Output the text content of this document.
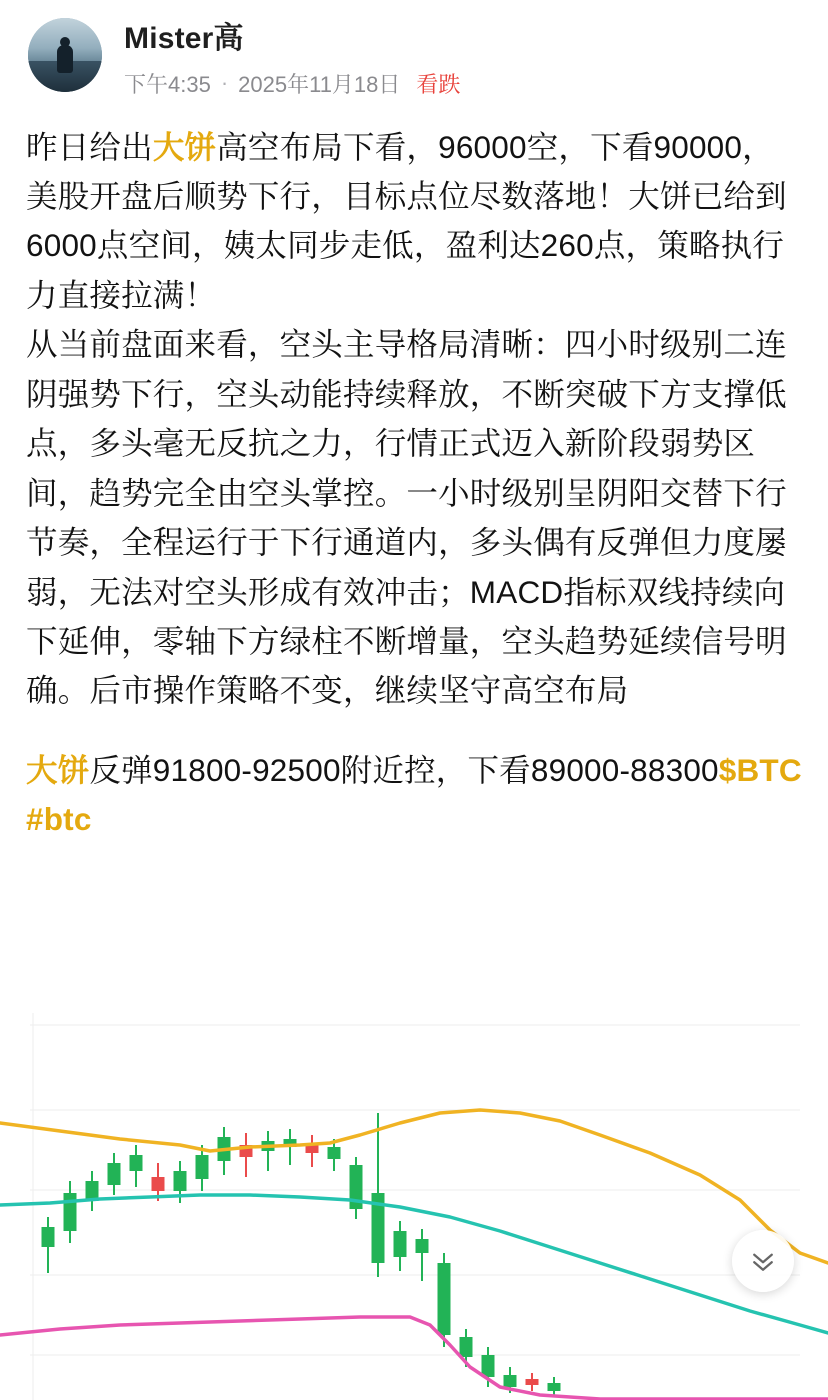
Mister高
下午4:35 · 2025年11月18日 看跌

昨日给出大饼高空布局下看，96000空，下看90000，美股开盘后顺势下行，目标点位尽数落地！大饼已给到6000点空间，姨太同步走低，盈利达260点，策略执行力直接拉满！

从当前盘面来看，空头主导格局清晰：四小时级别二连阴强势下行，空头动能持续释放，不断突破下方支撑低点，多头毫无反抗之力，行情正式迈入新阶段弱势区间，趋势完全由空头掌控。一小时级别呈阴阳交替下行节奏，全程运行于下行通道内，多头偶有反弹但力度屡弱，无法对空头形成有效冲击；MACD指标双线持续向下延伸，零轴下方绿柱不断增量，空头趋势延续信号明确。后市操作策略不变，继续坚守高空布局

大饼反弹91800-92500附近控，下看89000-88300$BTC #btc
